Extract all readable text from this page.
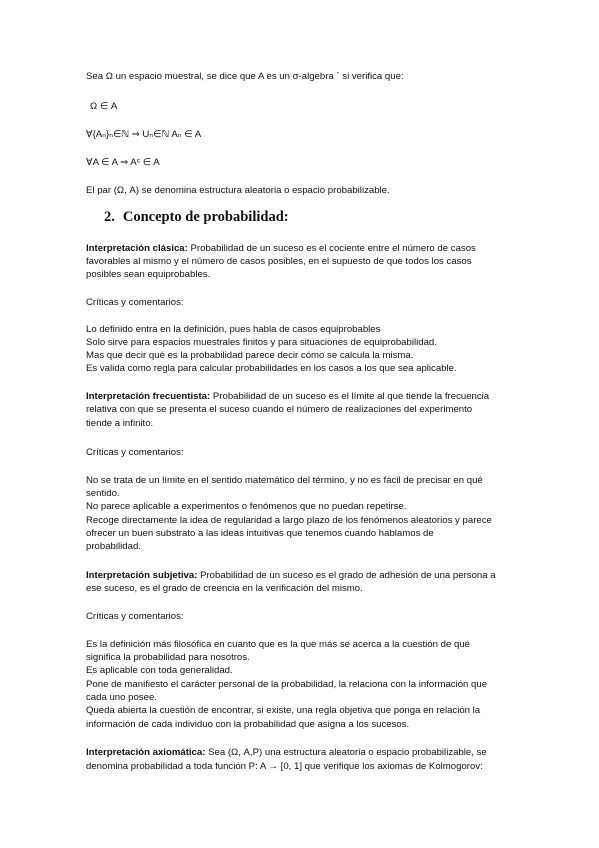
Sea Ω un espacio muestral, se dice que A es un σ-algebra ´ si verifica que:
Ω ∈ A
∀{Aₙ}ₙ∈ℕ ⇒ Uₙ∈ℕ Aₙ ∈ A
∀A ∈ A ⇒ Aᶜ ∈ A
El par (Ω, A) se denomina estructura aleatoria o espacio probabilizable.
2. Concepto de probabilidad:
Interpretación clásica: Probabilidad de un suceso es el cociente entre el número de casos
favorables al mismo y el número de casos posibles, en el supuesto de que todos los casos
posibles sean equiprobables.
Críticas y comentarios:
Lo definido entra en la definición, pues habla de casos equiprobables
Solo sirve para espacios muestrales finitos y para situaciones de equiprobabilidad.
Mas que decir qué es la probabilidad parece decir cómo se calcula la misma.
Es valida como regla para calcular probabilidades en los casos a los que sea aplicable.
Interpretación frecuentista: Probabilidad de un suceso es el límite al que tiende la frecuencia
relativa con que se presenta el suceso cuando el número de realizaciones del experimento
tiende a infinito.
Críticas y comentarios:
No se trata de un límite en el sentido matemático del término, y no es fácil de precisar en qué
sentido.
No parece aplicable a experimentos o fenómenos que no puedan repetirse.
Recoge directamente la idea de regularidad a largo plazo de los fenómenos aleatorios y parece
ofrecer un buen substrato a las ideas intuitivas que tenemos cuando hablamos de
probabilidad.
Interpretación subjetiva: Probabilidad de un suceso es el grado de adhesión de una persona a
ese suceso, es el grado de creencia en la verificación del mismo.
Críticas y comentarios:
Es la definición más filosófica en cuanto que es la que más se acerca a la cuestión de qué
significa la probabilidad para nosotros.
Es aplicable con toda generalidad.
Pone de manifiesto el carácter personal de la probabilidad, la relaciona con la información que
cada uno posee.
Queda abierta la cuestión de encontrar, si existe, una regla objetiva que ponga en relación la
información de cada individuo con la probabilidad que asigna a los sucesos.
Interpretación axiomática: Sea (Ω, A,P) una estructura aleatoria o espacio probabilizable, se
denomina probabilidad a toda función P: A → [0, 1] que verifique los axiomas de Kolmogorov:
